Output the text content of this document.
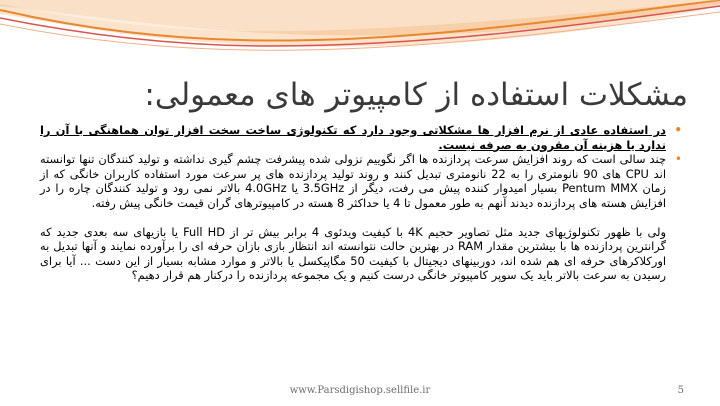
مشکلات استفاده از کامپیوتر های معمولی:

•
در استفاده عادی از نرم افزار ها مشکلاتی وجود دارد که تکنولوژی ساخت سخت افزار توان هماهنگی با آن را ندارد یا هزینه آن مقرون به صرفه نیست.

•
چند سالی است که روند افزایش سرعت پردازنده ها اگر نگوییم نزولی شده پیشرفت چشم گیری نداشته و تولید کنندگان تنها توانسته اند CPU های 90 نانومتری را به 22 نانومتری تبدیل کنند و روند تولید پردازنده های پر سرعت مورد استفاده کاربران خانگی که از زمان Pentum MMX بسیار امیدوار کننده پیش می رفت، دیگر از 3.5GHz یا 4.0GHz بالاتر نمی رود و تولید کنندگان چاره را در افزایش هسته های پردازنده دیدند آنهم به طور معمول تا 4 یا حداکثر 8 هسته در کامپیوترهای گران قیمت خانگی پیش رفته.

ولی با ظهور تکنولوژیهای جدید مثل تصاویر حجیم 4K با کیفیت ویدئوی 4 برابر بیش تر از Full HD یا بازیهای سه بعدی جدید که گرانترین پردازنده ها با بیشترین مقدار RAM در بهترین حالت نتوانسته اند انتظار بازی بازان حرفه ای را برآورده نمایند و آنها تبدیل به اورکلاکرهای حرفه ای هم شده اند، دوربینهای دیجیتال با کیفیت 50 مگاپیکسل یا بالاتر و موارد مشابه بسیار از این دست ... آیا برای رسیدن به سرعت بالاتر باید یک سوپر کامپیوتر خانگی درست کنیم و یک مجموعه پردازنده را درکنار هم قرار دهیم؟

www.Parsdigishop.sellfile.ir	5
